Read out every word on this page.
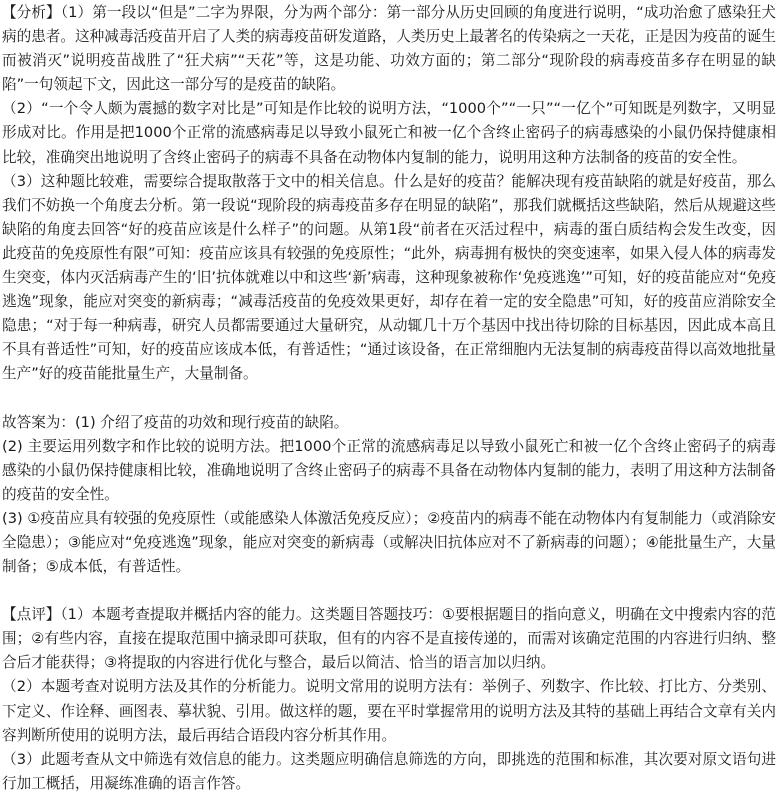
【分析】（1）第一段以“但是”二字为界限，分为两个部分：第一部分从历史回顾的角度进行说明，“成功治愈了感染狂犬病的患者。这种减毒活疫苗开启了人类的病毒疫苗研发道路，人类历史上最著名的传染病之一天花，正是因为疫苗的诞生而被消灭”说明疫苗战胜了“狂犬病”“天花”等，这是功能、功效方面的；第二部分“现阶段的病毒疫苗多存在明显的缺陷”一句领起下文，因此这一部分写的是疫苗的缺陷。

（2）“一个令人颇为震撼的数字对比是”可知是作比较的说明方法，“1000个”“一只”“一亿个”可知既是列数字，又明显形成对比。作用是把1000个正常的流感病毒足以导致小鼠死亡和被一亿个含终止密码子的病毒感染的小鼠仍保持健康相比较，准确突出地说明了含终止密码子的病毒不具备在动物体内复制的能力，说明用这种方法制备的疫苗的安全性。

（3）这种题比较难，需要综合提取散落于文中的相关信息。什么是好的疫苗？能解决现有疫苗缺陷的就是好疫苗，那么我们不妨换一个角度去分析。第一段说“现阶段的病毒疫苗多存在明显的缺陷”，那我们就概括这些缺陷，然后从规避这些缺陷的角度去回答“好的疫苗应该是什么样子”的问题。从第1段“前者在灭活过程中，病毒的蛋白质结构会发生改变，因此疫苗的免疫原性有限”可知：疫苗应该具有较强的免疫原性；“此外，病毒拥有极快的突变速率，如果入侵人体的病毒发生突变，体内灭活病毒产生的‘旧’抗体就难以中和这些‘新’病毒，这种现象被称作‘免疫逃逸’”可知，好的疫苗能应对“免疫逃逸”现象，能应对突变的新病毒；“减毒活疫苗的免疫效果更好，却存在着一定的安全隐患”可知，好的疫苗应消除安全隐患；“对于每一种病毒，研究人员都需要通过大量研究，从动辄几十万个基因中找出待切除的目标基因，因此成本高且不具有普适性”可知，好的疫苗应该成本低，有普适性；“通过该设备，在正常细胞内无法复制的病毒疫苗得以高效地批量生产”好的疫苗能批量生产，大量制备。

故答案为：(1) 介绍了疫苗的功效和现行疫苗的缺陷。

(2) 主要运用列数字和作比较的说明方法。把1000个正常的流感病毒足以导致小鼠死亡和被一亿个含终止密码子的病毒感染的小鼠仍保持健康相比较，准确地说明了含终止密码子的病毒不具备在动物体内复制的能力，表明了用这种方法制备的疫苗的安全性。

(3) ①疫苗应具有较强的免疫原性（或能感染人体激活免疫反应）；②疫苗内的病毒不能在动物体内有复制能力（或消除安全隐患）；③能应对“免疫逃逸”现象，能应对突变的新病毒（或解决旧抗体应对不了新病毒的问题）；④能批量生产，大量制备；⑤成本低，有普适性。

【点评】（1）本题考查提取并概括内容的能力。这类题目答题技巧：①要根据题目的指向意义，明确在文中搜索内容的范围；②有些内容，直接在提取范围中摘录即可获取，但有的内容不是直接传递的，而需对该确定范围的内容进行归纳、整合后才能获得；③将提取的内容进行优化与整合，最后以简洁、恰当的语言加以归纳。

（2）本题考查对说明方法及其作的分析能力。说明文常用的说明方法有：举例子、列数字、作比较、打比方、分类别、下定义、作诠释、画图表、摹状貌、引用。做这样的题，要在平时掌握常用的说明方法及其特的基础上再结合文章有关内容判断所使用的说明方法，最后再结合语段内容分析其作用。

（3）此题考查从文中筛选有效信息的能力。这类题应明确信息筛选的方向，即挑选的范围和标准，其次要对原文语句进行加工概括，用凝练准确的语言作答。
